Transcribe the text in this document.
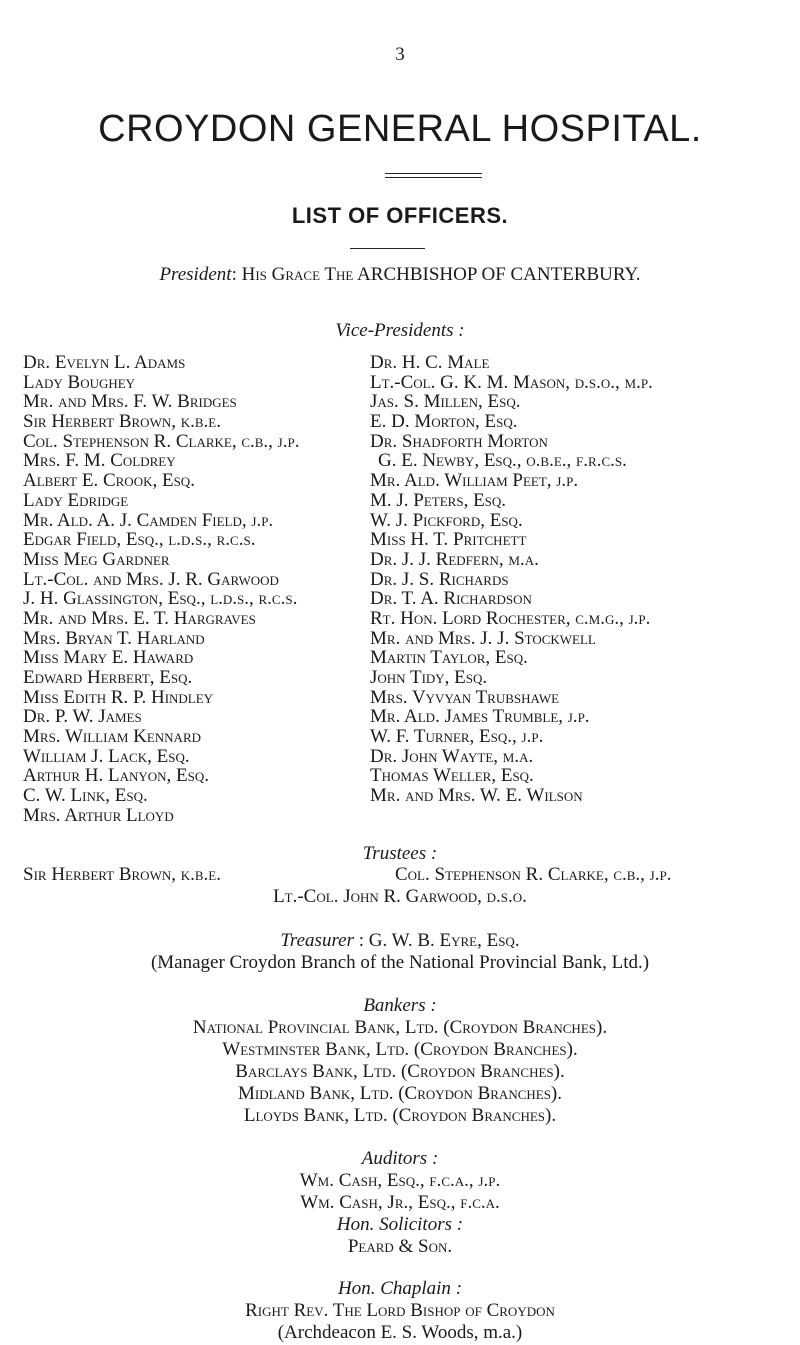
3
CROYDON GENERAL HOSPITAL.
LIST OF OFFICERS.
President: His Grace The ARCHBISHOP OF CANTERBURY.
Vice-Presidents :
Dr. Evelyn L. Adams
Lady Boughey
Mr. and Mrs. F. W. Bridges
Sir Herbert Brown, k.b.e.
Col. Stephenson R. Clarke, c.b., j.p.
Mrs. F. M. Coldrey
Albert E. Crook, Esq.
Lady Edridge
Mr. Ald. A. J. Camden Field, j.p.
Edgar Field, Esq., l.d.s., r.c.s.
Miss Meg Gardner
Lt.-Col. and Mrs. J. R. Garwood
J. H. Glassington, Esq., l.d.s., r.c.s.
Mr. and Mrs. E. T. Hargraves
Mrs. Bryan T. Harland
Miss Mary E. Haward
Edward Herbert, Esq.
Miss Edith R. P. Hindley
Dr. P. W. James
Mrs. William Kennard
William J. Lack, Esq.
Arthur H. Lanyon, Esq.
C. W. Link, Esq.
Mrs. Arthur Lloyd
Dr. H. C. Male
Lt.-Col. G. K. M. Mason, d.s.o., m.p.
Jas. S. Millen, Esq.
E. D. Morton, Esq.
Dr. Shadforth Morton
G. E. Newby, Esq., o.b.e., f.r.c.s.
Mr. Ald. William Peet, j.p.
M. J. Peters, Esq.
W. J. Pickford, Esq.
Miss H. T. Pritchett
Dr. J. J. Redfern, m.a.
Dr. J. S. Richards
Dr. T. A. Richardson
Rt. Hon. Lord Rochester, c.m.g., j.p.
Mr. and Mrs. J. J. Stockwell
Martin Taylor, Esq.
John Tidy, Esq.
Mrs. Vyvyan Trubshawe
Mr. Ald. James Trumble, j.p.
W. F. Turner, Esq., j.p.
Dr. John Wayte, m.a.
Thomas Weller, Esq.
Mr. and Mrs. W. E. Wilson
Trustees :
Sir Herbert Brown, k.b.e.	Col. Stephenson R. Clarke, c.b., j.p.
Lt.-Col. John R. Garwood, d.s.o.
Treasurer : G. W. B. Eyre, Esq.
(Manager Croydon Branch of the National Provincial Bank, Ltd.)
Bankers :
National Provincial Bank, Ltd. (Croydon Branches).
Westminster Bank, Ltd. (Croydon Branches).
Barclays Bank, Ltd. (Croydon Branches).
Midland Bank, Ltd. (Croydon Branches).
Lloyds Bank, Ltd. (Croydon Branches).
Auditors :
Wm. Cash, Esq., f.c.a., j.p.
Wm. Cash, Jr., Esq., f.c.a.
Hon. Solicitors :
Peard & Son.
Hon. Chaplain :
Right Rev. The Lord Bishop of Croydon
(Archdeacon E. S. Woods, m.a.)
